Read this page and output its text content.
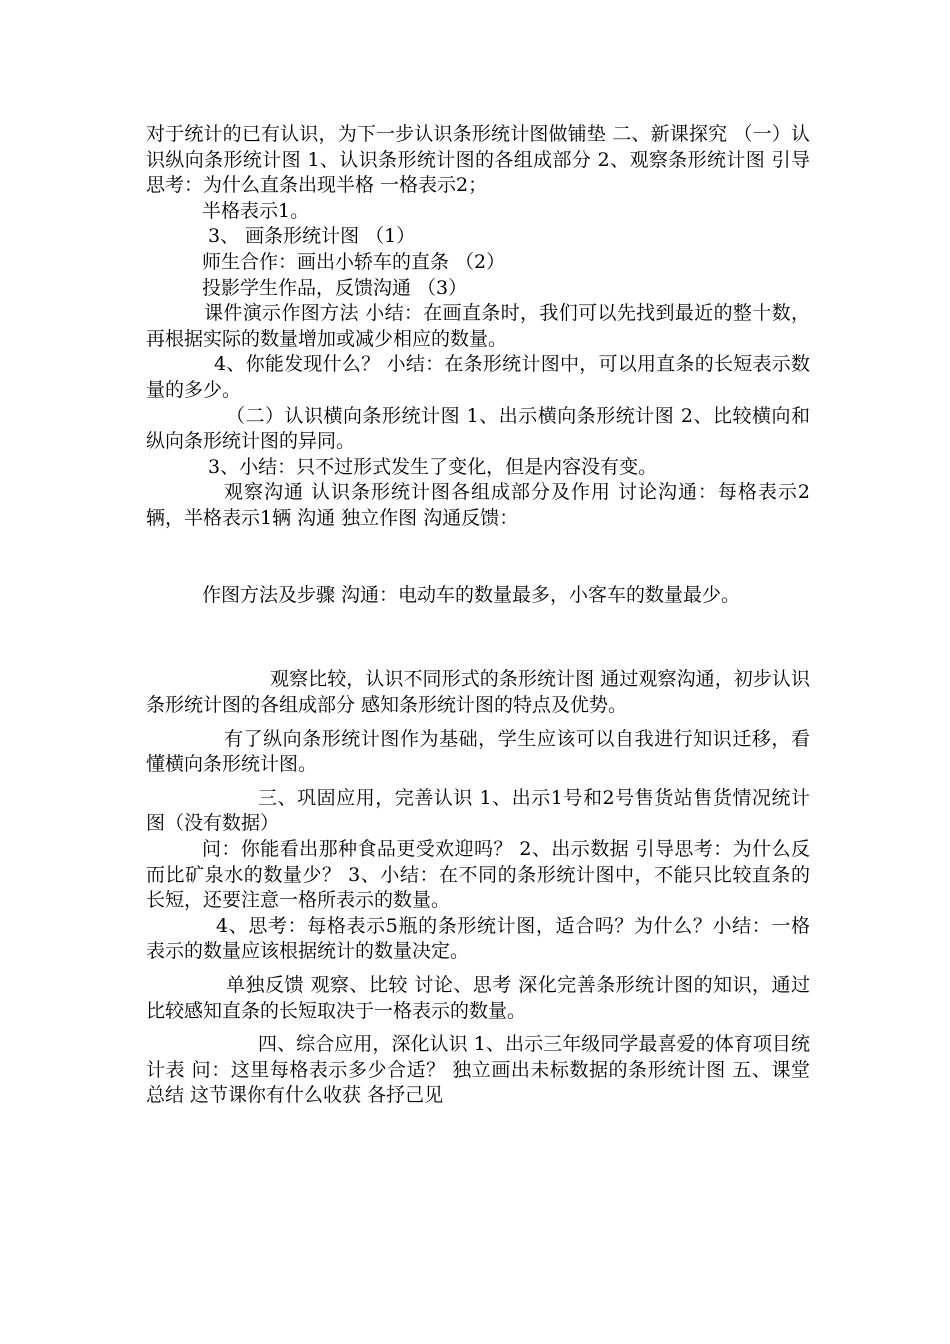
对于统计的已有认识，为下一步认识条形统计图做铺垫 二、新课探究 （一）认识纵向条形统计图 1、认识条形统计图的各组成部分 2、观察条形统计图 引导思考：为什么直条出现半格 一格表示2；

半格表示1。

3、 画条形统计图 （1）

师生合作：画出小轿车的直条 （2）

投影学生作品，反馈沟通 （3）

课件演示作图方法 小结：在画直条时，我们可以先找到最近的整十数，再根据实际的数量增加或减少相应的数量。

4、你能发现什么？ 小结：在条形统计图中，可以用直条的长短表示数量的多少。

（二）认识横向条形统计图 1、出示横向条形统计图 2、比较横向和纵向条形统计图的异同。

3、小结：只不过形式发生了变化，但是内容没有变。

观察沟通 认识条形统计图各组成部分及作用 讨论沟通：每格表示2辆，半格表示1辆 沟通 独立作图 沟通反馈：

作图方法及步骤 沟通：电动车的数量最多，小客车的数量最少。

观察比较，认识不同形式的条形统计图 通过观察沟通，初步认识条形统计图的各组成部分 感知条形统计图的特点及优势。

有了纵向条形统计图作为基础，学生应该可以自我进行知识迁移，看懂横向条形统计图。

三、巩固应用，完善认识 1、出示1号和2号售货站售货情况统计图（没有数据）

问：你能看出那种食品更受欢迎吗？ 2、出示数据 引导思考：为什么反而比矿泉水的数量少？ 3、小结：在不同的条形统计图中，不能只比较直条的长短，还要注意一格所表示的数量。

4、思考：每格表示5瓶的条形统计图，适合吗？为什么？小结：一格表示的数量应该根据统计的数量决定。

单独反馈 观察、比较 讨论、思考 深化完善条形统计图的知识，通过比较感知直条的长短取决于一格表示的数量。

四、综合应用，深化认识 1、出示三年级同学最喜爱的体育项目统计表 问：这里每格表示多少合适？ 独立画出未标数据的条形统计图 五、课堂总结 这节课你有什么收获 各抒己见
